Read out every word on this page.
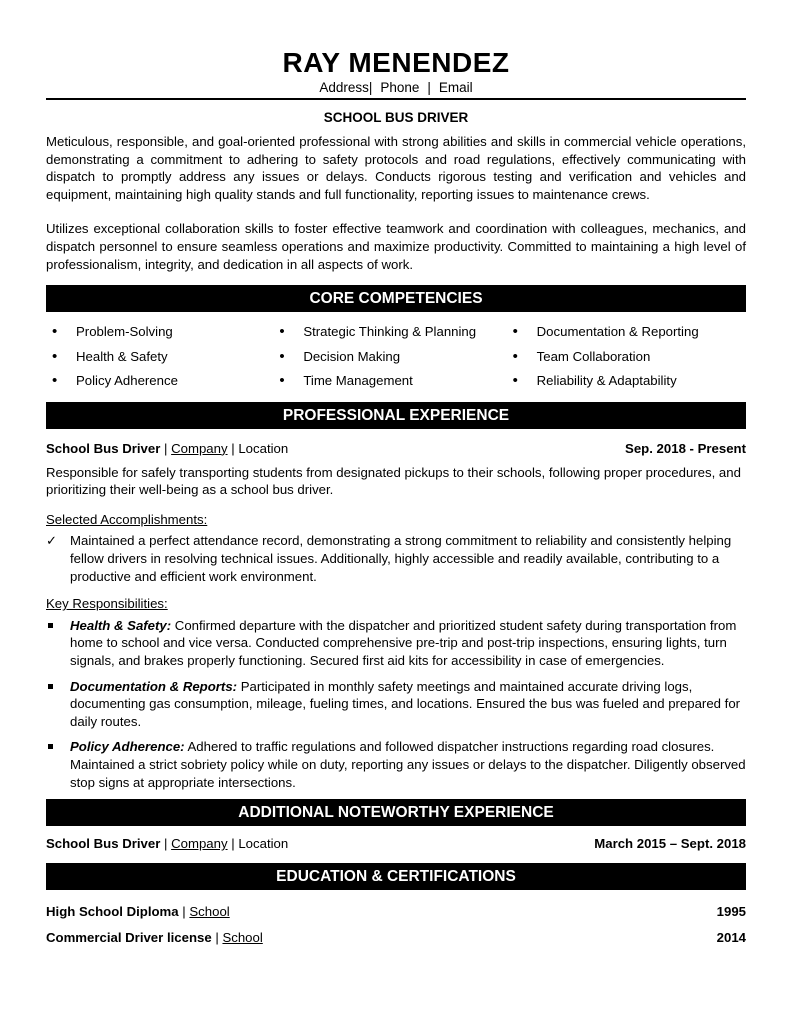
RAY MENENDEZ
Address| Phone | Email
SCHOOL BUS DRIVER

Meticulous, responsible, and goal-oriented professional with strong abilities and skills in commercial vehicle operations, demonstrating a commitment to adhering to safety protocols and road regulations, effectively communicating with dispatch to promptly address any issues or delays. Conducts rigorous testing and verification and vehicles and equipment, maintaining high quality stands and full functionality, reporting issues to maintenance crews.

Utilizes exceptional collaboration skills to foster effective teamwork and coordination with colleagues, mechanics, and dispatch personnel to ensure seamless operations and maximize productivity. Committed to maintaining a high level of professionalism, integrity, and dedication in all aspects of work.

CORE COMPETENCIES
• Problem-Solving
• Health & Safety
• Policy Adherence
• Strategic Thinking & Planning
• Decision Making
• Time Management
• Documentation & Reporting
• Team Collaboration
• Reliability & Adaptability
PROFESSIONAL EXPERIENCE
School Bus Driver | Company | Location	Sep. 2018 - Present

Responsible for safely transporting students from designated pickups to their schools, following proper procedures, and prioritizing their well-being as a school bus driver.

Selected Accomplishments:
✓ Maintained a perfect attendance record, demonstrating a strong commitment to reliability and consistently helping fellow drivers in resolving technical issues. Additionally, highly accessible and readily available, contributing to a productive and efficient work environment.
Key Responsibilities:
Health & Safety: Confirmed departure with the dispatcher and prioritized student safety during transportation from home to school and vice versa. Conducted comprehensive pre-trip and post-trip inspections, ensuring lights, turn signals, and brakes properly functioning. Secured first aid kits for accessibility in case of emergencies.
Documentation & Reports: Participated in monthly safety meetings and maintained accurate driving logs, documenting gas consumption, mileage, fueling times, and locations. Ensured the bus was fueled and prepared for daily routes.
Policy Adherence: Adhered to traffic regulations and followed dispatcher instructions regarding road closures. Maintained a strict sobriety policy while on duty, reporting any issues or delays to the dispatcher. Diligently observed stop signs at appropriate intersections.
ADDITIONAL NOTEWORTHY EXPERIENCE
School Bus Driver | Company | Location	March 2015 – Sept. 2018
EDUCATION & CERTIFICATIONS
High School Diploma | School	1995
Commercial Driver license | School	2014
